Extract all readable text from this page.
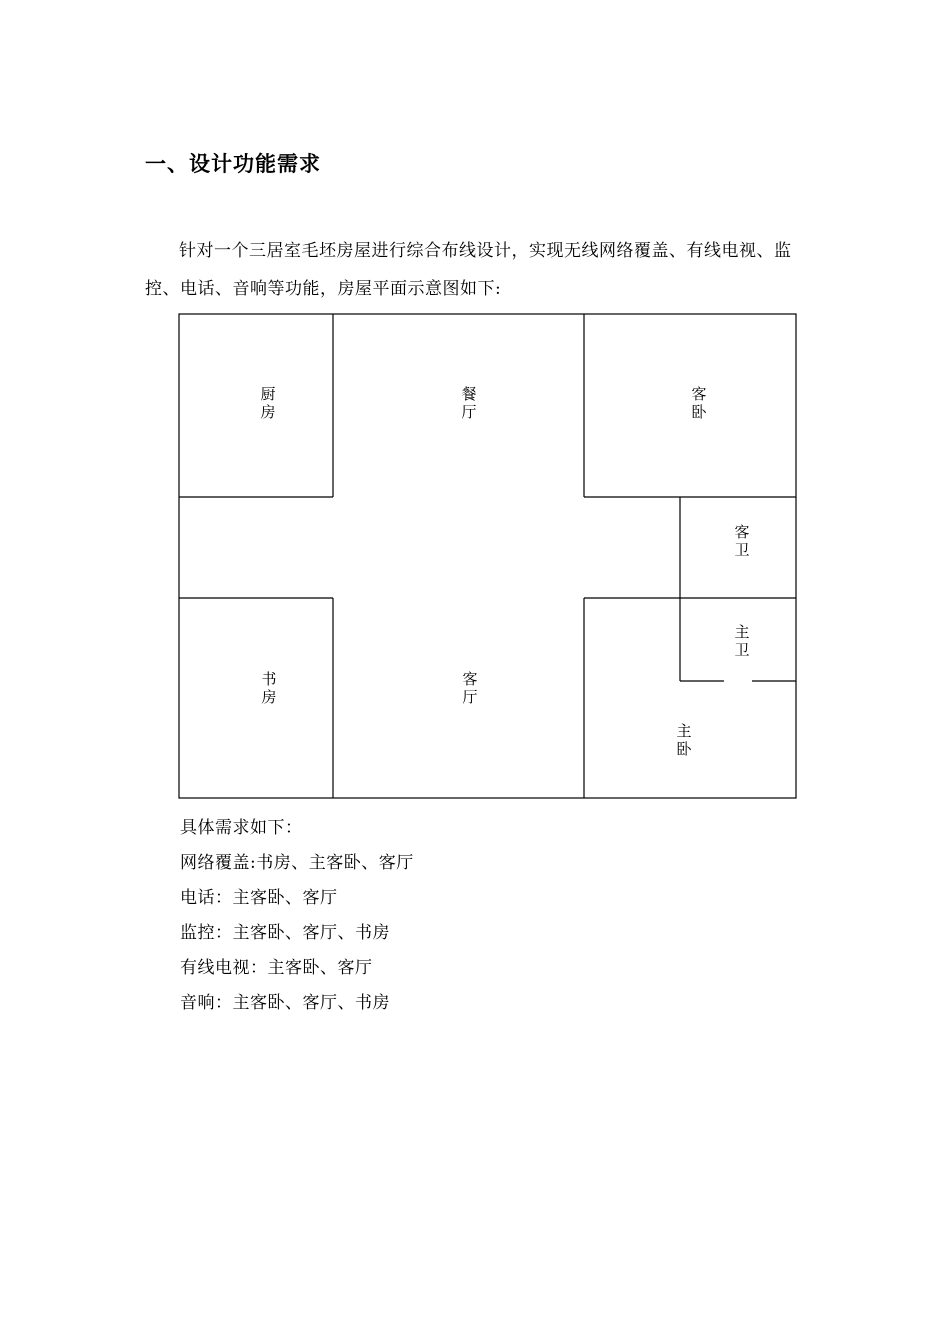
一、设计功能需求

针对一个三居室毛坯房屋进行综合布线设计，实现无线网络覆盖、有线电视、监控、电话、音响等功能，房屋平面示意图如下:

厨
房
餐
厅
客
卧
客
卫
主
卫
书
房
客
厅
主
卧
具体需求如下：
网络覆盖:书房、主客卧、客厅
电话：主客卧、客厅
监控：主客卧、客厅、书房
有线电视：主客卧、客厅
音响：主客卧、客厅、书房
